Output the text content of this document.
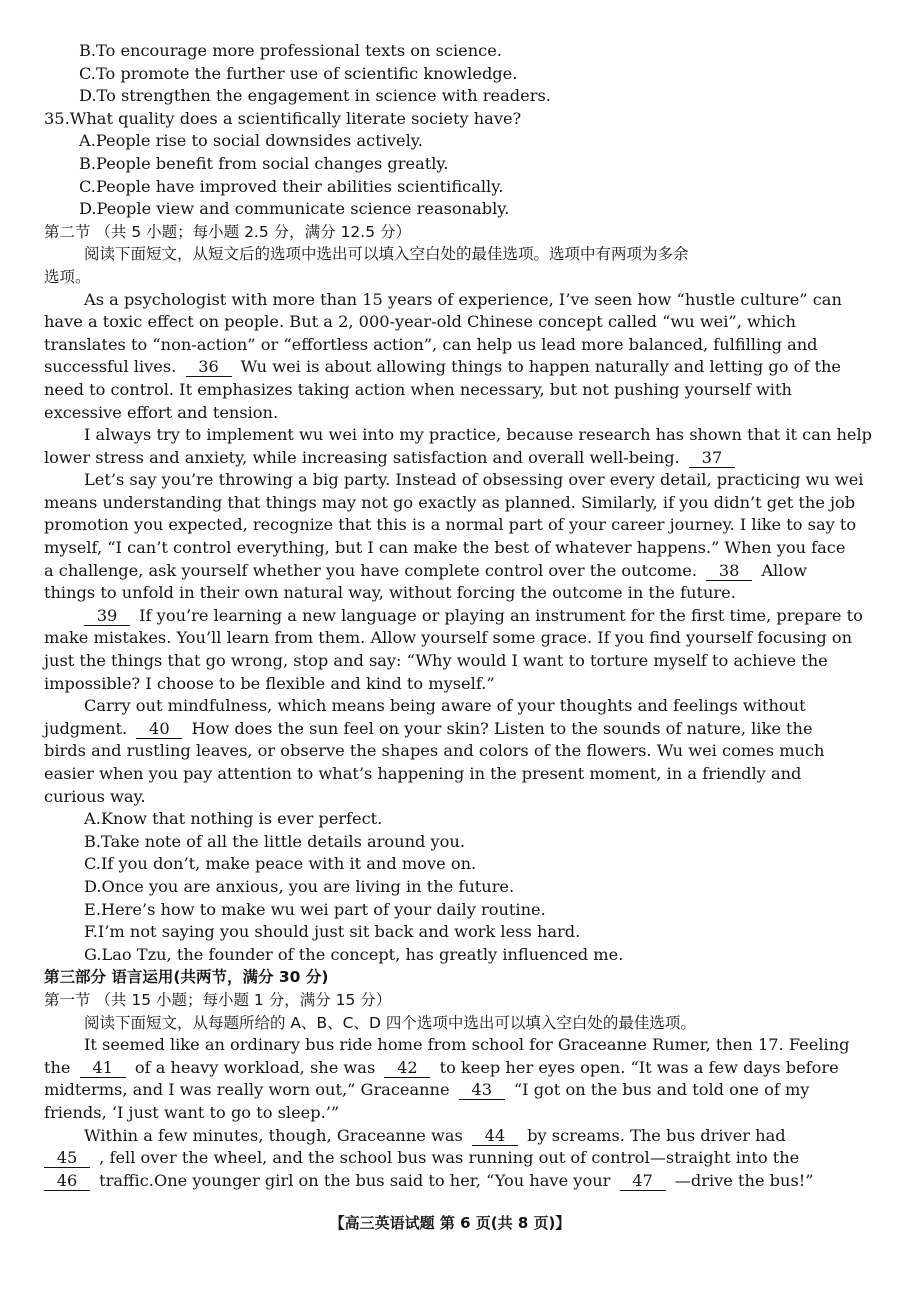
B.To encourage more professional texts on science.
C.To promote the further use of scientific knowledge.
D.To strengthen the engagement in science with readers.
35.What quality does a scientifically literate society have?
A.People rise to social downsides actively.
B.People benefit from social changes greatly.
C.People have improved their abilities scientifically.
D.People view and communicate science reasonably.
第二节 （共 5 小题；每小题 2.5 分，满分 12.5 分）
阅读下面短文，从短文后的选项中选出可以填入空白处的最佳选项。选项中有两项为多余
选项。
As a psychologist with more than 15 years of experience, I’ve seen how “hustle culture” can
have a toxic effect on people. But a 2, 000-year-old Chinese concept called “wu wei”, which
translates to “non-action” or “effortless action”, can help us lead more balanced, fulfilling and
successful lives. 36 Wu wei is about allowing things to happen naturally and letting go of the
need to control. It emphasizes taking action when necessary, but not pushing yourself with
excessive effort and tension.
I always try to implement wu wei into my practice, because research has shown that it can help
lower stress and anxiety, while increasing satisfaction and overall well-being. 37
Let’s say you’re throwing a big party. Instead of obsessing over every detail, practicing wu wei
means understanding that things may not go exactly as planned. Similarly, if you didn’t get the job
promotion you expected, recognize that this is a normal part of your career journey. I like to say to
myself, “I can’t control everything, but I can make the best of whatever happens.” When you face
a challenge, ask yourself whether you have complete control over the outcome. 38 Allow
things to unfold in their own natural way, without forcing the outcome in the future.
39 If you’re learning a new language or playing an instrument for the first time, prepare to
make mistakes. You’ll learn from them. Allow yourself some grace. If you find yourself focusing on
just the things that go wrong, stop and say: “Why would I want to torture myself to achieve the
impossible? I choose to be flexible and kind to myself.”
Carry out mindfulness, which means being aware of your thoughts and feelings without
judgment. 40 How does the sun feel on your skin? Listen to the sounds of nature, like the
birds and rustling leaves, or observe the shapes and colors of the flowers. Wu wei comes much
easier when you pay attention to what’s happening in the present moment, in a friendly and
curious way.
A.Know that nothing is ever perfect.
B.Take note of all the little details around you.
C.If you don’t, make peace with it and move on.
D.Once you are anxious, you are living in the future.
E.Here’s how to make wu wei part of your daily routine.
F.I’m not saying you should just sit back and work less hard.
G.Lao Tzu, the founder of the concept, has greatly influenced me.
第三部分 语言运用(共两节，满分 30 分)
第一节 （共 15 小题；每小题 1 分，满分 15 分）
阅读下面短文，从每题所给的 A、B、C、D 四个选项中选出可以填入空白处的最佳选项。
It seemed like an ordinary bus ride home from school for Graceanne Rumer, then 17. Feeling
the 41 of a heavy workload, she was 42 to keep her eyes open. “It was a few days before
midterms, and I was really worn out,” Graceanne 43 “I got on the bus and told one of my
friends, ‘I just want to go to sleep.’”
Within a few minutes, though, Graceanne was 44 by screams. The bus driver had
45 , fell over the wheel, and the school bus was running out of control—straight into the
46 traffic.One younger girl on the bus said to her, “You have your 47 —drive the bus!”
【高三英语试题 第 6 页(共 8 页)】
